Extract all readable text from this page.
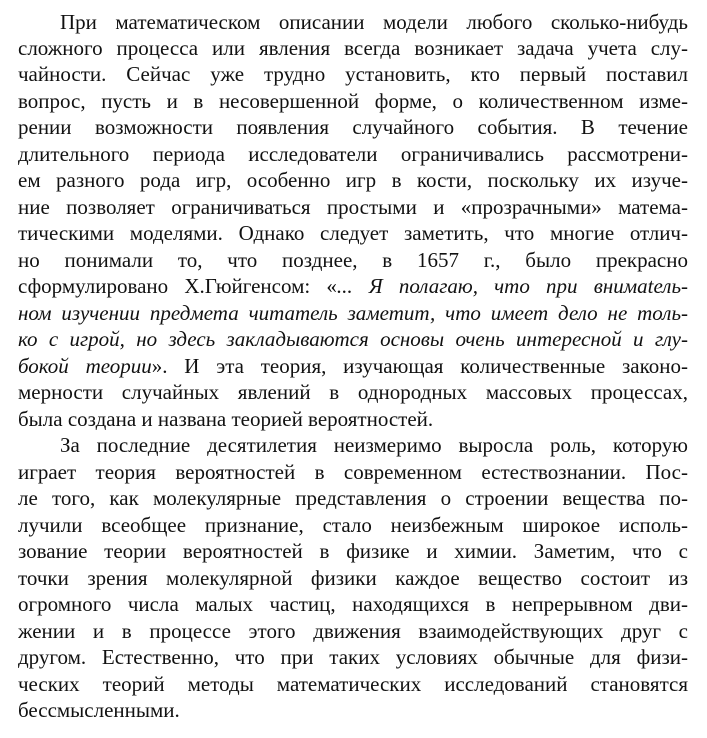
При математическом описании модели любого сколько-нибудь

сложного процесса или явления всегда возникает задача учета слу-

чайности. Сейчас уже трудно установить, кто первый поставил

вопрос, пусть и в несовершенной форме, о количественном изме-

рении возможности появления случайного события. В течение

длительного периода исследователи ограничивались рассмотрени-

ем разного рода игр, особенно игр в кости, поскольку их изуче-

ние позволяет ограничиваться простыми и «прозрачными» матема-

тическими моделями. Однако следует заметить, что многие отлич-

но понимали то, что позднее, в 1657 г., было прекрасно

сформулировано Х.Гюйгенсом: «... Я полагаю, что при внимatель-

ном изучении предмета читатель заметит, что имеет дело не толь-

ко с игрой, но здесь закладываются основы очень интересной и глу-

бокой теории». И эта теория, изучающая количественные законо-

мерности случайных явлений в однородных массовых процессах,

была создана и названа теорией вероятностей.

За последние десятилетия неизмеримо выросла роль, которую

играет теория вероятностей в современном естествознании. Пос-

ле того, как молекулярные представления о строении вещества по-

лучили всеобщее признание, стало неизбежным широкое исполь-

зование теории вероятностей в физике и химии. Заметим, что с

точки зрения молекулярной физики каждое вещество состоит из

огромного числа малых частиц, находящихся в непрерывном дви-

жении и в процессе этого движения взаимодействующих друг с

другом. Естественно, что при таких условиях обычные для физи-

ческих теорий методы математических исследований становятся

бессмысленными.
